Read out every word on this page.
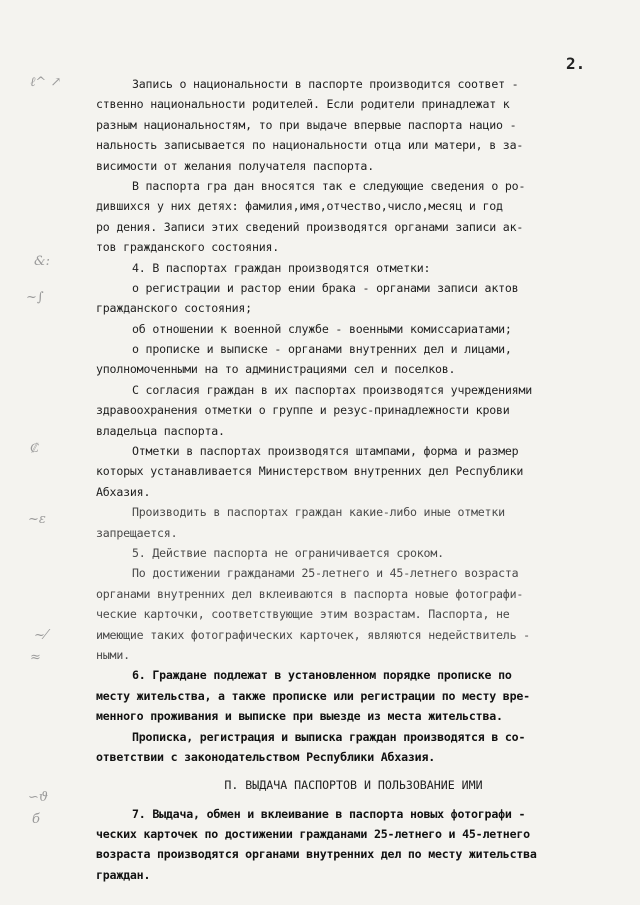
2.
ℓ^ ↗
&:
~∫
₡
~ε
~⁄
≈
∽ϑ
б
Запись о национальности в паспорте производится соответ -
ственно национальности родителей. Если родители принадлежат к
разным национальностям, то при выдаче впервые паспорта нацио -
нальность записывается по национальности отца или матери, в за-
висимости от желания получателя паспорта.
В паспорта гра дан вносятся так е следующие сведения о ро-
дившихся у них детях: фамилия,имя,отчество,число,месяц и год
ро дения. Записи этих сведений производятся органами записи ак-
тов гражданского состояния.
4. В паспортах граждан производятся отметки:
о регистрации и растор ении брака - органами записи актов
гражданского состояния;
об отношении к военной службе - военными комиссариатами;
о прописке и выписке - органами внутренних дел и лицами,
уполномоченными на то администрациями сел и поселков.
С согласия граждан в их паспортах производятся учреждениями
здравоохранения отметки о группе и резус-принадлежности крови
владельца паспорта.
Отметки в паспортах производятся штампами, форма и размер
которых устанавливается Министерством внутренних дел Республики
Абхазия.
Производить в паспортах граждан какие-либо иные отметки
запрещается.
5. Действие паспорта не ограничивается сроком.
По достижении гражданами 25-летнего и 45-летнего возраста
органами внутренних дел вклеиваются в паспорта новые фотографи-
ческие карточки, соответствующие этим возрастам. Паспорта, не
имеющие таких фотографических карточек, являются недействитель -
ными.
6. Граждане подлежат в установленном порядке прописке по
месту жительства, а также прописке или регистрации по месту вре-
менного проживания и выписке при выезде из места жительства.
Прописка, регистрация и выписка граждан производятся в со-
ответствии с законодательством Республики Абхазия.
П. ВЫДАЧА ПАСПОРТОВ И ПОЛЬЗОВАНИЕ ИМИ
7. Выдача, обмен и вклеивание в паспорта новых фотографи -
ческих карточек по достижении гражданами 25-летнего и 45-летнего
возраста производятся органами внутренних дел по месту жительства
граждан.
